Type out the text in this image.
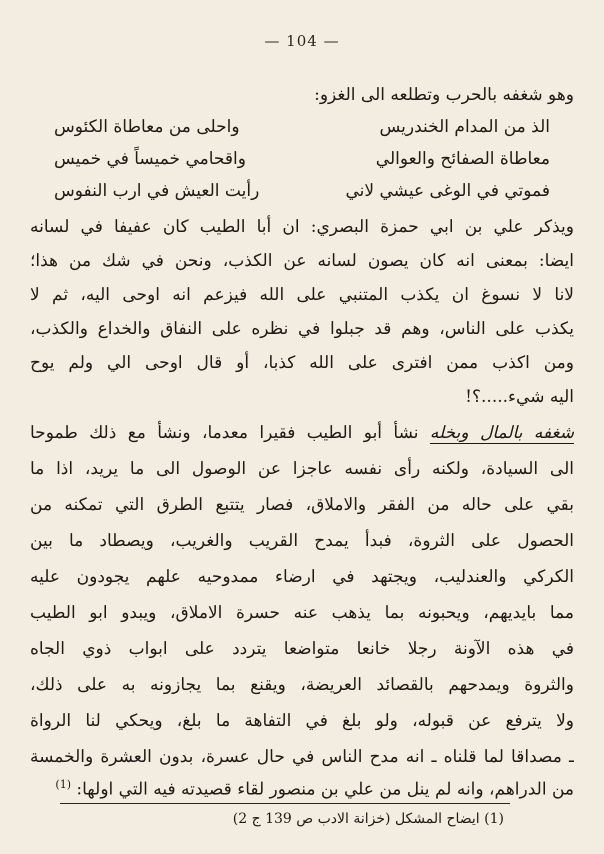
— 104 —
وهو شغفه بالحرب وتطلعه الى الغزو:
الذ من المدام الخندريس
واحلى من معاطاة الكئوس
معاطاة الصفائح والعوالي
واقحامي خميساً في خميس
فموتي في الوغى عيشي لاني
رأيت العيش في ارب النفوس
ويذكر علي بن ابي حمزة البصري: ان أبا الطيب كان عفيفا في لسانه
ايضا: بمعنى انه كان يصون لسانه عن الكذب، ونحن في شك من هذا؛
لانا لا نسوغ ان يكذب المتنبي على الله فيزعم انه اوحى اليه، ثم لا
يكذب على الناس، وهم قد جبلوا في نظره على النفاق والخداع والكذب،
ومن اكذب ممن افترى على الله كذبا، أو قال اوحى الي ولم يوح
اليه شيء.....؟!
شغفه بالمال وبخله نشأ أبو الطيب فقيرا معدما، ونشأ مع ذلك طموحا
الى السيادة، ولكنه رأى نفسه عاجزا عن الوصول الى ما يريد، اذا ما
بقي على حاله من الفقر والاملاق، فصار يتتبع الطرق التي تمكنه من
الحصول على الثروة، فبدأ يمدح القريب والغريب، ويصطاد ما بين
الكركي والعندليب، ويجتهد في ارضاء ممدوحيه علهم يجودون عليه
مما بايديهم، ويحبونه بما يذهب عنه حسرة الاملاق، ويبدو ابو الطيب
في هذه الآونة رجلا خانعا متواضعا يتردد على ابواب ذوي الجاه
والثروة ويمدحهم بالقصائد العريضة، ويقنع بما يجازونه به على ذلك،
ولا يترفع عن قبوله، ولو بلغ في التفاهة ما بلغ، ويحكي لنا الرواة
ـ مصداقا لما قلناه ـ انه مدح الناس في حال عسرة، بدون العشرة والخمسة
من الدراهم، وانه لم ينل من علي بن منصور لقاء قصيدته فيه التي اولها: $^{(1)}$
(1) ايضاح المشكل (خزانة الادب ص 139 ج 2)
